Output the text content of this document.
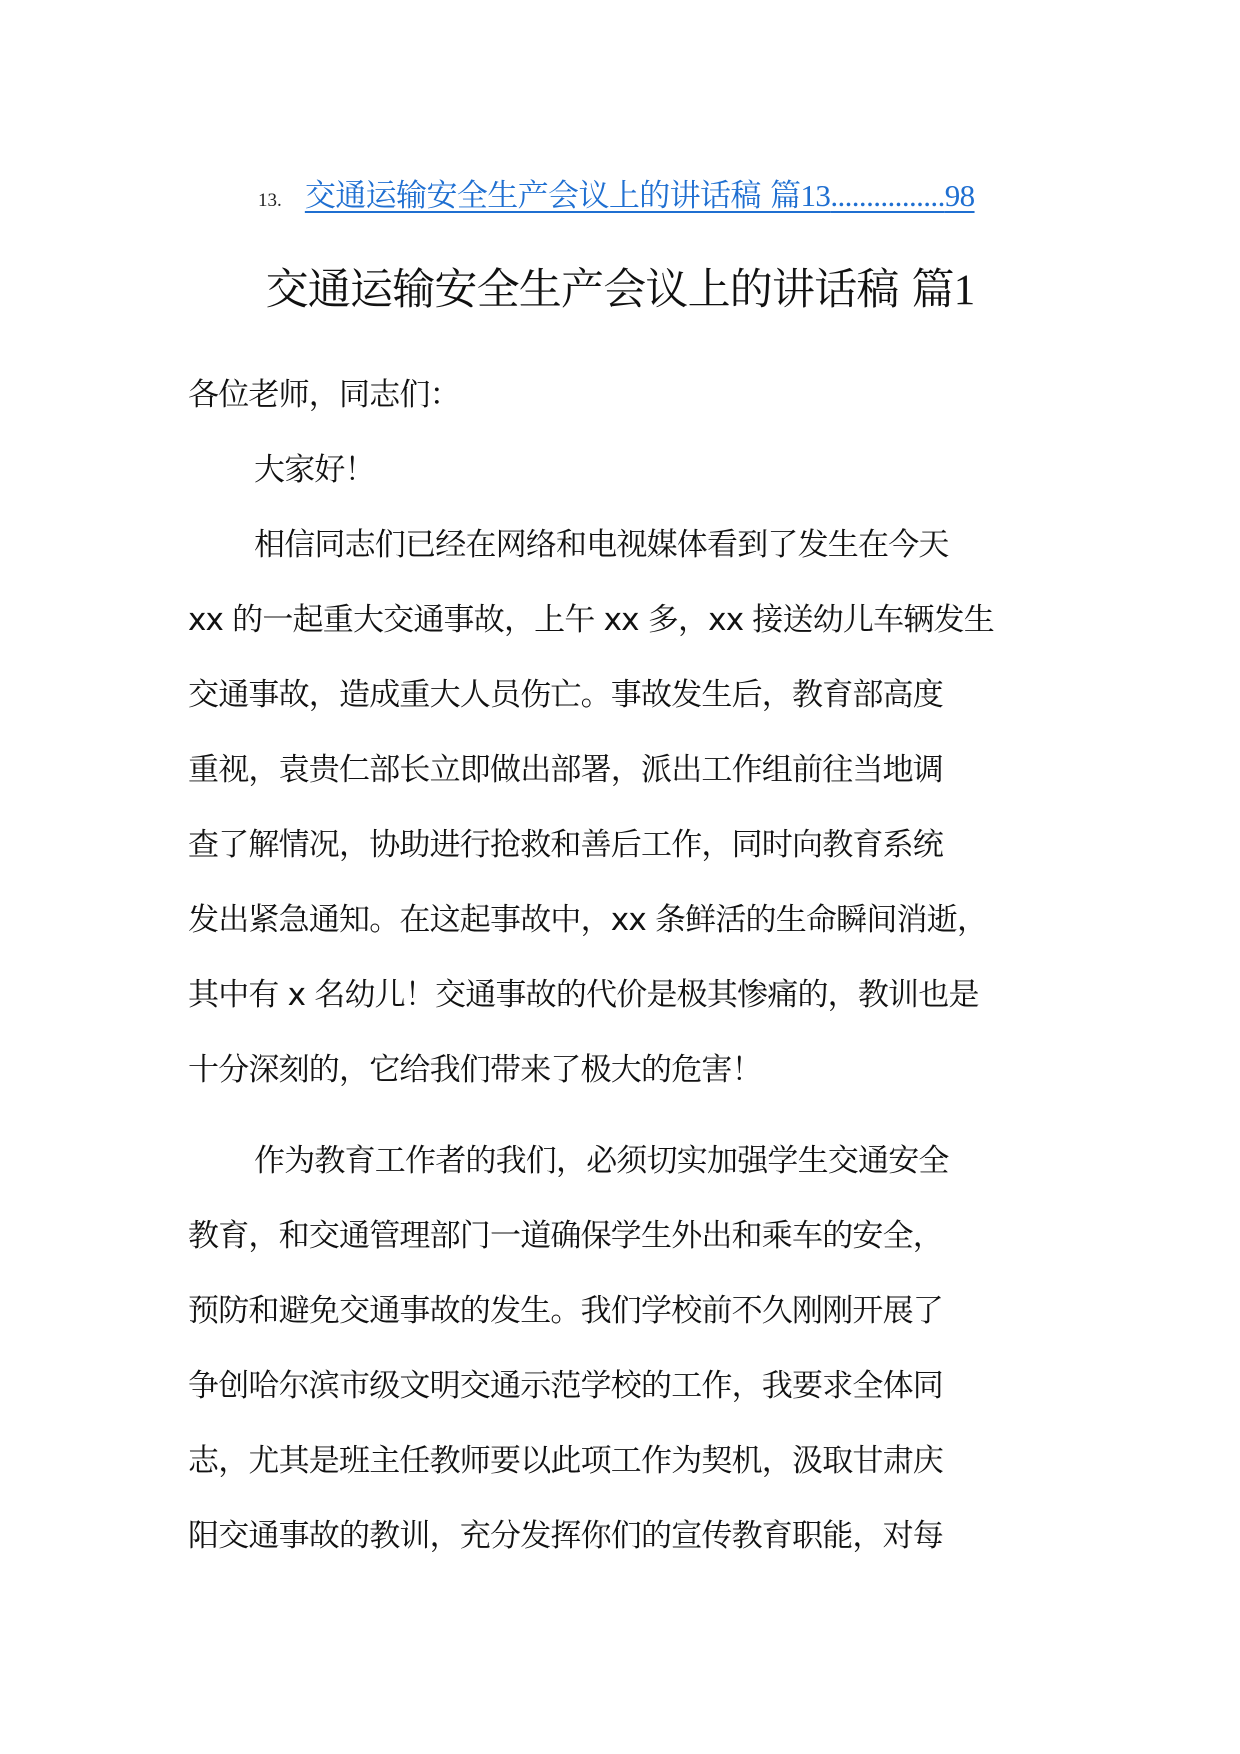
13. 交通运输安全生产会议上的讲话稿 篇13................98
交通运输安全生产会议上的讲话稿 篇1
各位老师，同志们：
大家好！
相信同志们已经在网络和电视媒体看到了发生在今天
xx 的一起重大交通事故，上午 xx 多，xx 接送幼儿车辆发生
交通事故，造成重大人员伤亡。事故发生后，教育部高度
重视，袁贵仁部长立即做出部署，派出工作组前往当地调
查了解情况，协助进行抢救和善后工作，同时向教育系统
发出紧急通知。在这起事故中，xx 条鲜活的生命瞬间消逝，
其中有 x 名幼儿！交通事故的代价是极其惨痛的，教训也是
十分深刻的，它给我们带来了极大的危害！
作为教育工作者的我们，必须切实加强学生交通安全
教育，和交通管理部门一道确保学生外出和乘车的安全，
预防和避免交通事故的发生。我们学校前不久刚刚开展了
争创哈尔滨市级文明交通示范学校的工作，我要求全体同
志，尤其是班主任教师要以此项工作为契机，汲取甘肃庆
阳交通事故的教训，充分发挥你们的宣传教育职能，对每
